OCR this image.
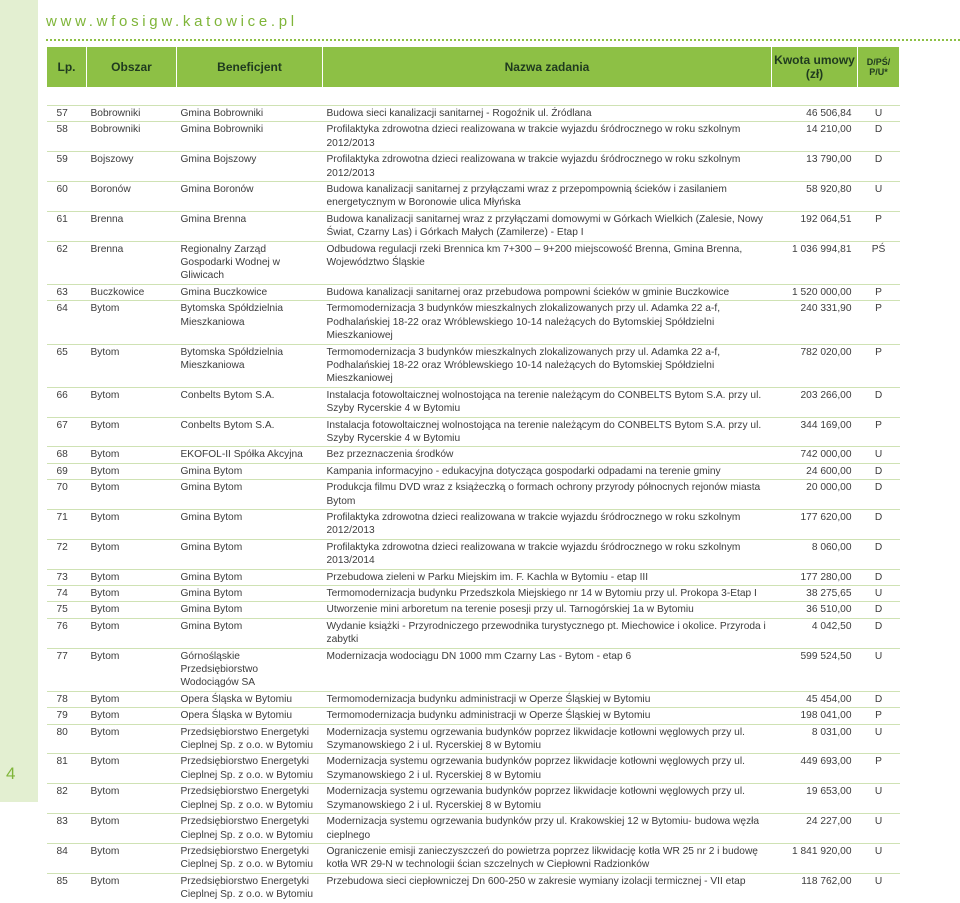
4
www.wfosigw.katowice.pl
Lp.	Obszar	Beneficjent	Nazwa zadania	Kwota umowy (zł)	D/PŚ/ P/U*

57	Bobrowniki	Gmina Bobrowniki	Budowa sieci kanalizacji sanitarnej - Rogoźnik ul. Źródlana	46 506,84	U
58	Bobrowniki	Gmina Bobrowniki	Profilaktyka zdrowotna dzieci realizowana w trakcie wyjazdu śródrocznego w roku szkolnym 2012/2013	14 210,00	D
59	Bojszowy	Gmina Bojszowy	Profilaktyka zdrowotna dzieci realizowana w trakcie wyjazdu śródrocznego w roku szkolnym 2012/2013	13 790,00	D
60	Boronów	Gmina Boronów	Budowa kanalizacji sanitarnej z przyłączami wraz z przepompownią ścieków i zasilaniem energetycznym w Boronowie ulica Młyńska	58 920,80	U
61	Brenna	Gmina Brenna	Budowa kanalizacji sanitarnej wraz z przyłączami domowymi w Górkach Wielkich (Zalesie, Nowy Świat, Czarny Las) i Górkach Małych (Zamilerze) - Etap I	192 064,51	P
62	Brenna	Regionalny Zarząd Gospodarki Wodnej w Gliwicach	Odbudowa regulacji rzeki Brennica km 7+300 – 9+200 miejscowość Brenna, Gmina Brenna, Województwo Śląskie	1 036 994,81	PŚ
63	Buczkowice	Gmina Buczkowice	Budowa kanalizacji sanitarnej oraz przebudowa pompowni ścieków w gminie Buczkowice	1 520 000,00	P
64	Bytom	Bytomska Spółdzielnia Mieszkaniowa	Termomodernizacja 3 budynków mieszkalnych zlokalizowanych przy ul. Adamka 22 a-f, Podhalańskiej 18-22 oraz Wróblewskiego 10-14 należących do Bytomskiej Spółdzielni Mieszkaniowej	240 331,90	P
65	Bytom	Bytomska Spółdzielnia Mieszkaniowa	Termomodernizacja 3 budynków mieszkalnych zlokalizowanych przy ul. Adamka 22 a-f, Podhalańskiej 18-22 oraz Wróblewskiego 10-14 należących do Bytomskiej Spółdzielni Mieszkaniowej	782 020,00	P
66	Bytom	Conbelts Bytom S.A.	Instalacja fotowoltaicznej wolnostojąca na terenie należącym do CONBELTS Bytom S.A. przy ul. Szyby Rycerskie 4 w Bytomiu	203 266,00	D
67	Bytom	Conbelts Bytom S.A.	Instalacja fotowoltaicznej wolnostojąca na terenie należącym do CONBELTS Bytom S.A. przy ul. Szyby Rycerskie 4 w Bytomiu	344 169,00	P
68	Bytom	EKOFOL-II Spółka Akcyjna	Bez przeznaczenia środków	742 000,00	U
69	Bytom	Gmina Bytom	Kampania informacyjno - edukacyjna dotycząca gospodarki odpadami na terenie gminy	24 600,00	D
70	Bytom	Gmina Bytom	Produkcja filmu DVD wraz z książeczką o formach ochrony przyrody północnych rejonów miasta Bytom	20 000,00	D
71	Bytom	Gmina Bytom	Profilaktyka zdrowotna dzieci realizowana w trakcie wyjazdu śródrocznego w roku szkolnym 2012/2013	177 620,00	D
72	Bytom	Gmina Bytom	Profilaktyka zdrowotna dzieci realizowana w trakcie wyjazdu śródrocznego w roku szkolnym 2013/2014	8 060,00	D
73	Bytom	Gmina Bytom	Przebudowa zieleni w Parku Miejskim im. F. Kachla w Bytomiu - etap III	177 280,00	D
74	Bytom	Gmina Bytom	Termomodernizacja budynku Przedszkola Miejskiego nr 14 w Bytomiu przy ul. Prokopa 3-Etap I	38 275,65	U
75	Bytom	Gmina Bytom	Utworzenie mini arboretum na terenie posesji przy ul. Tarnogórskiej 1a w Bytomiu	36 510,00	D
76	Bytom	Gmina Bytom	Wydanie książki - Przyrodniczego przewodnika turystycznego pt. Miechowice i okolice. Przyroda i zabytki	4 042,50	D
77	Bytom	Górnośląskie Przedsiębiorstwo Wodociągów SA	Modernizacja wodociągu DN 1000 mm Czarny Las - Bytom - etap 6	599 524,50	U
78	Bytom	Opera Śląska w Bytomiu	Termomodernizacja budynku administracji w Operze Śląskiej w Bytomiu	45 454,00	D
79	Bytom	Opera Śląska w Bytomiu	Termomodernizacja budynku administracji w Operze Śląskiej w Bytomiu	198 041,00	P
80	Bytom	Przedsiębiorstwo Energetyki Cieplnej Sp. z o.o. w Bytomiu	Modernizacja systemu ogrzewania budynków poprzez likwidacje kotłowni węglowych przy ul. Szymanowskiego 2 i ul. Rycerskiej 8 w Bytomiu	8 031,00	U
81	Bytom	Przedsiębiorstwo Energetyki Cieplnej Sp. z o.o. w Bytomiu	Modernizacja systemu ogrzewania budynków poprzez likwidacje kotłowni węglowych przy ul. Szymanowskiego 2 i ul. Rycerskiej 8 w Bytomiu	449 693,00	P
82	Bytom	Przedsiębiorstwo Energetyki Cieplnej Sp. z o.o. w Bytomiu	Modernizacja systemu ogrzewania budynków poprzez likwidacje kotłowni węglowych przy ul. Szymanowskiego 2 i ul. Rycerskiej 8 w Bytomiu	19 653,00	U
83	Bytom	Przedsiębiorstwo Energetyki Cieplnej Sp. z o.o. w Bytomiu	Modernizacja systemu ogrzewania budynków przy ul. Krakowskiej 12 w Bytomiu- budowa węzła cieplnego	24 227,00	U
84	Bytom	Przedsiębiorstwo Energetyki Cieplnej Sp. z o.o. w Bytomiu	Ograniczenie emisji zanieczyszczeń do powietrza poprzez likwidację kotła WR 25 nr 2 i budowę kotła WR 29-N w technologii ścian szczelnych w Ciepłowni Radzionków	1 841 920,00	U
85	Bytom	Przedsiębiorstwo Energetyki Cieplnej Sp. z o.o. w Bytomiu	Przebudowa sieci ciepłowniczej Dn 600-250 w zakresie wymiany izolacji termicznej - VII etap	118 762,00	U
